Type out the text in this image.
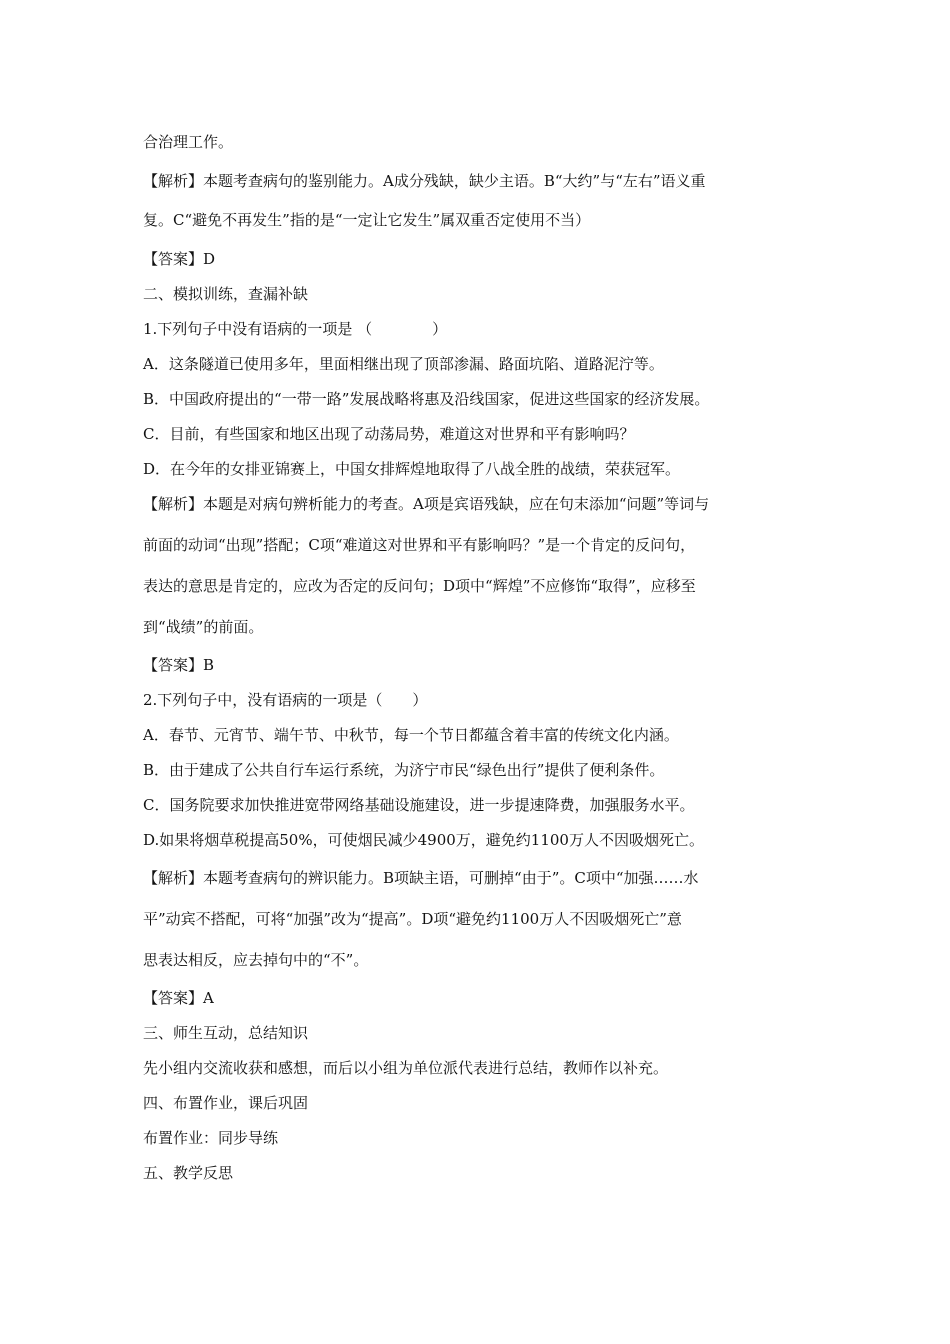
合治理工作。
【解析】本题考查病句的鉴别能力。A成分残缺，缺少主语。B“大约”与“左右”语义重
复。C“避免不再发生”指的是“一定让它发生”属双重否定使用不当）
【答案】D
二、模拟训练，查漏补缺
1.下列句子中没有语病的一项是 （　　　　）
A．这条隧道已使用多年，里面相继出现了顶部渗漏、路面坑陷、道路泥泞等。
B．中国政府提出的“一带一路”发展战略将惠及沿线国家，促进这些国家的经济发展。
C．目前，有些国家和地区出现了动荡局势，难道这对世界和平有影响吗？
D．在今年的女排亚锦赛上，中国女排辉煌地取得了八战全胜的战绩，荣获冠军。
【解析】本题是对病句辨析能力的考查。A项是宾语残缺，应在句末添加“问题”等词与
前面的动词“出现”搭配；C项“难道这对世界和平有影响吗？”是一个肯定的反问句，
表达的意思是肯定的，应改为否定的反问句；D项中“辉煌”不应修饰“取得”，应移至
到“战绩”的前面。
【答案】B
2.下列句子中，没有语病的一项是（　　）
A．春节、元宵节、端午节、中秋节，每一个节日都蕴含着丰富的传统文化内涵。
B．由于建成了公共自行车运行系统，为济宁市民“绿色出行”提供了便利条件。
C．国务院要求加快推进宽带网络基础设施建设，进一步提速降费，加强服务水平。
D.如果将烟草税提高50%，可使烟民减少4900万，避免约1100万人不因吸烟死亡。
【解析】本题考查病句的辨识能力。B项缺主语，可删掉“由于”。C项中“加强……水
平”动宾不搭配，可将“加强”改为“提高”。D项“避免约1100万人不因吸烟死亡”意
思表达相反，应去掉句中的“不”。
【答案】A
三、师生互动，总结知识
先小组内交流收获和感想，而后以小组为单位派代表进行总结，教师作以补充。
四、布置作业，课后巩固
布置作业：同步导练
五、教学反思
